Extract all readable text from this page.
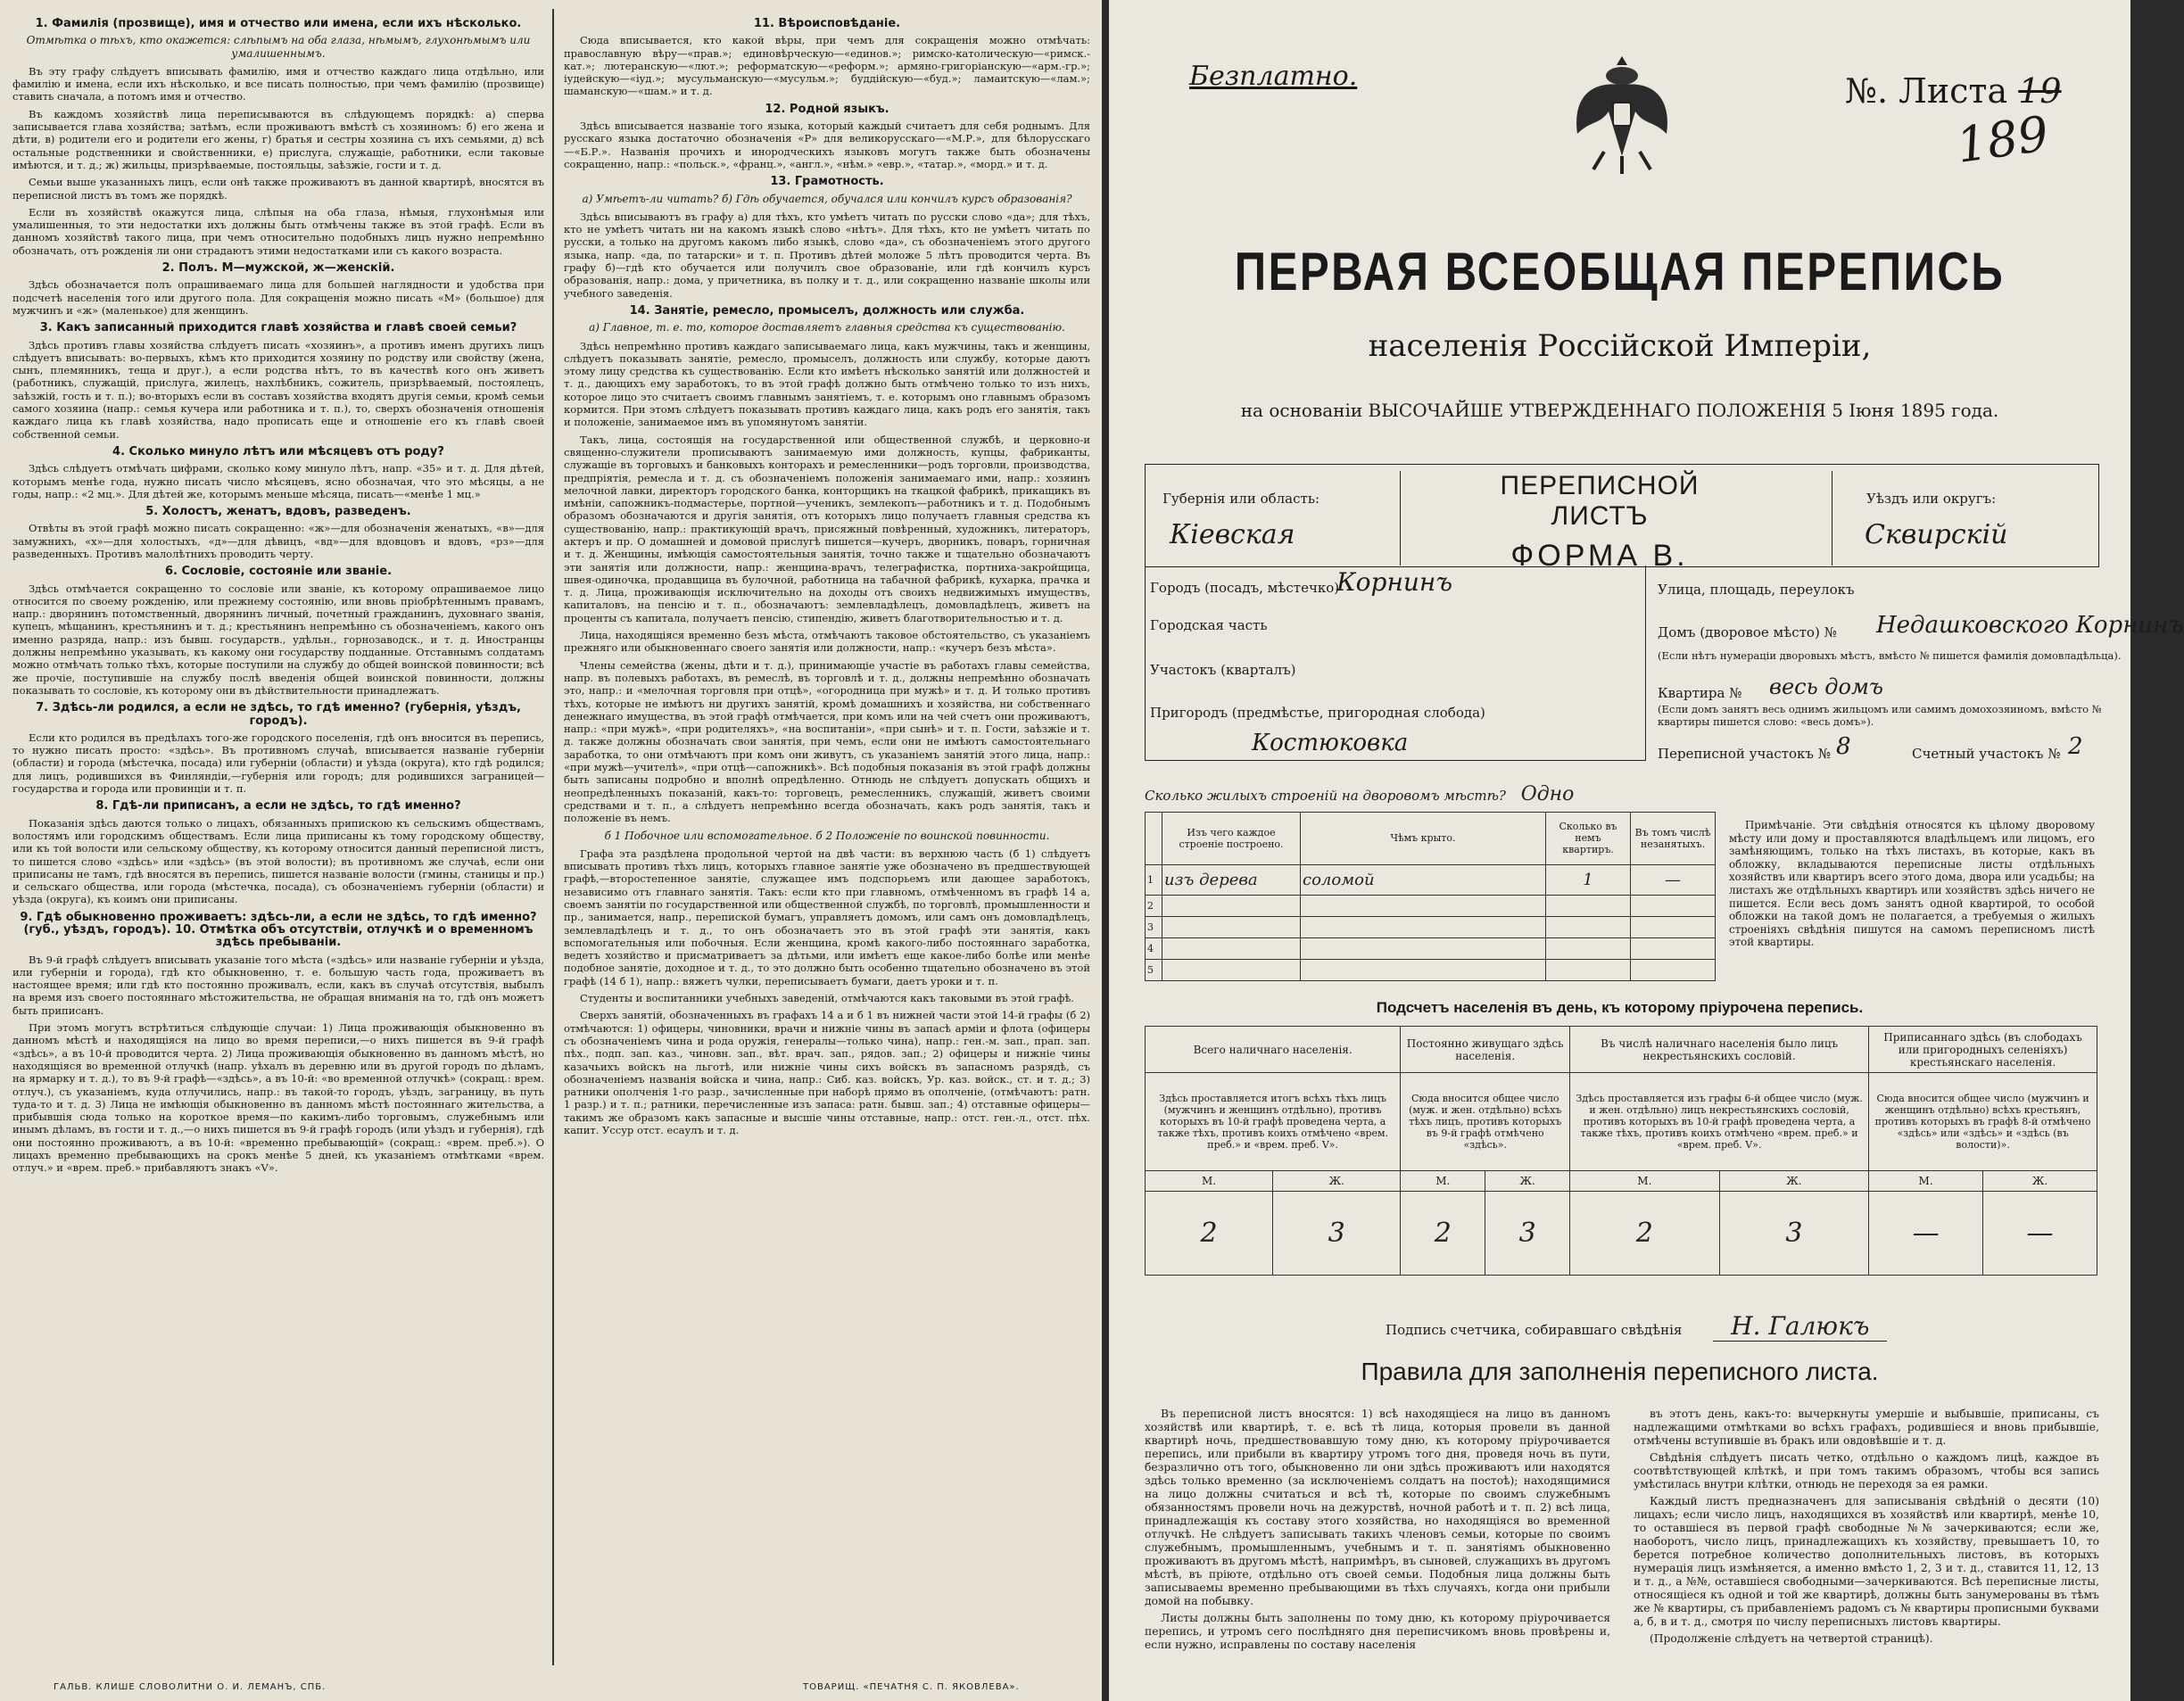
1. Фамилія (прозвище), имя и отчество или имена, если ихъ нѣсколько.
Отмѣтка о тѣхъ, кто окажется: слѣпымъ на оба глаза, нѣмымъ, глухонѣмымъ или умалишеннымъ.

Въ эту графу слѣдуетъ вписывать фамилію, имя и отчество каждаго лица отдѣльно, или фамилію и имена, если ихъ нѣсколько, и все писать полностью, при чемъ фамилію (прозвище) ставить сначала, а потомъ имя и отчество.

Въ каждомъ хозяйствѣ лица переписываются въ слѣдующемъ порядкѣ: а) сперва записывается глава хозяйства; затѣмъ, если проживаютъ вмѣстѣ съ хозяиномъ: б) его жена и дѣти, в) родители его и родители его жены, г) братья и сестры хозяина съ ихъ семьями, д) всѣ остальные родственники и свойственники, е) прислуга, служащіе, работники, если таковые имѣются, и т. д.; ж) жильцы, призрѣваемые, постояльцы, заѣзжіе, гости и т. д.

Семьи выше указанныхъ лицъ, если онѣ также проживаютъ въ данной квартирѣ, вносятся въ переписной листъ въ томъ же порядкѣ.

Если въ хозяйствѣ окажутся лица, слѣпыя на оба глаза, нѣмыя, глухонѣмыя или умалишенныя, то эти недостатки ихъ должны быть отмѣчены также въ этой графѣ. Если въ данномъ хозяйствѣ такого лица, при чемъ относительно подобныхъ лицъ нужно непремѣнно обозначать, отъ рожденія ли они страдаютъ этими недостатками или съ какого возраста.

2. Полъ. М—мужской, ж—женскій.

Здѣсь обозначается полъ опрашиваемаго лица для большей наглядности и удобства при подсчетѣ населенія того или другого пола. Для сокращенія можно писать «М» (большое) для мужчинъ и «ж» (маленькое) для женщинъ.

3. Какъ записанный приходится главѣ хозяйства и главѣ своей семьи?

Здѣсь противъ главы хозяйства слѣдуетъ писать «хозяинъ», а противъ именъ другихъ лицъ слѣдуетъ вписывать: во-первыхъ, кѣмъ кто приходится хозяину по родству или свойству (жена, сынъ, племянникъ, теща и друг.), а если родства нѣтъ, то въ качествѣ кого онъ живетъ (работникъ, служащій, прислуга, жилецъ, нахлѣбникъ, сожитель, призрѣваемый, постоялецъ, заѣзжій, гость и т. п.); во-вторыхъ если въ составъ хозяйства входятъ другія семьи, кромѣ семьи самого хозяина (напр.: семья кучера или работника и т. п.), то, сверхъ обозначенія отношенія каждаго лица къ главѣ хозяйства, надо прописать еще и отношеніе его къ главѣ своей собственной семьи.

4. Сколько минуло лѣтъ или мѣсяцевъ отъ роду?

Здѣсь слѣдуетъ отмѣчать цифрами, сколько кому минуло лѣтъ, напр. «35» и т. д. Для дѣтей, которымъ менѣе года, нужно писать число мѣсяцевъ, ясно обозначая, что это мѣсяцы, а не годы, напр.: «2 мц.». Для дѣтей же, которымъ меньше мѣсяца, писать—«менѣе 1 мц.»

5. Холостъ, женатъ, вдовъ, разведенъ.

Отвѣты въ этой графѣ можно писать сокращенно: «ж»—для обозначенія женатыхъ, «в»—для замужнихъ, «х»—для холостыхъ, «д»—для дѣвицъ, «вд»—для вдовцовъ и вдовъ, «рз»—для разведенныхъ. Противъ малолѣтнихъ проводить черту.

6. Сословіе, состояніе или званіе.

Здѣсь отмѣчается сокращенно то сословіе или званіе, къ которому опрашиваемое лицо относится по своему рожденію, или прежнему состоянію, или вновь пріобрѣтеннымъ правамъ, напр.: дворянинъ потомственный, дворянинъ личный, почетный гражданинъ, духовнаго званія, купецъ, мѣщанинъ, крестьянинъ и т. д.; крестьянинъ непремѣнно съ обозначеніемъ, какого онъ именно разряда, напр.: изъ бывш. государств., удѣльн., горнозаводск., и т. д. Иностранцы должны непремѣнно указывать, къ какому они государству подданные. Отставнымъ солдатамъ можно отмѣчать только тѣхъ, которые поступили на службу до общей воинской повинности; всѣ же прочіе, поступившіе на службу послѣ введенія общей воинской повинности, должны показывать то сословіе, къ которому они въ дѣйствительности принадлежатъ.

7. Здѣсь-ли родился, а если не здѣсь, то гдѣ именно? (губернія, уѣздъ, городъ).

Если кто родился въ предѣлахъ того-же городского поселенія, гдѣ онъ вносится въ перепись, то нужно писать просто: «здѣсь». Въ противномъ случаѣ, вписывается названіе губерніи (области) и города (мѣстечка, посада) или губерніи (области) и уѣзда (округа), кто гдѣ родился; для лицъ, родившихся въ Финляндіи,—губернія или городъ; для родившихся заграницей—государства и города или провинціи и т. п.

8. Гдѣ-ли приписанъ, а если не здѣсь, то гдѣ именно?

Показанія здѣсь даются только о лицахъ, обязанныхъ припискою къ сельскимъ обществамъ, волостямъ или городскимъ обществамъ. Если лица приписаны къ тому городскому обществу, или къ той волости или сельскому обществу, къ которому относится данный переписной листъ, то пишется слово «здѣсь» или «здѣсь» (въ этой волости); въ противномъ же случаѣ, если они приписаны не тамъ, гдѣ вносятся въ перепись, пишется названіе волости (гмины, станицы и пр.) и сельскаго общества, или города (мѣстечка, посада), съ обозначеніемъ губерніи (области) и уѣзда (округа), къ коимъ они приписаны.

9. Гдѣ обыкновенно проживаетъ: здѣсь-ли, а если не здѣсь, то гдѣ именно? (губ., уѣздъ, городъ). 10. Отмѣтка объ отсутствіи, отлучкѣ и о временномъ здѣсь пребываніи.

Въ 9-й графѣ слѣдуетъ вписывать указаніе того мѣста («здѣсь» или названіе губерніи и уѣзда, или губерніи и города), гдѣ кто обыкновенно, т. е. большую часть года, проживаетъ въ настоящее время; или гдѣ кто постоянно проживалъ, если, какъ въ случаѣ отсутствія, выбылъ на время изъ своего постояннаго мѣстожительства, не обращая вниманія на то, гдѣ онъ можетъ быть приписанъ.

При этомъ могутъ встрѣтиться слѣдующіе случаи: 1) Лица проживающія обыкновенно въ данномъ мѣстѣ и находящіяся на лицо во время переписи,—о нихъ пишется въ 9-й графѣ «здѣсь», а въ 10-й проводится черта. 2) Лица проживающія обыкновенно въ данномъ мѣстѣ, но находящіяся во временной отлучкѣ (напр. уѣхалъ въ деревню или въ другой городъ по дѣламъ, на ярмарку и т. д.), то въ 9-й графѣ—«здѣсь», а въ 10-й: «во временной отлучкѣ» (сокращ.: врем. отлуч.), съ указаніемъ, куда отлучились, напр.: въ такой-то городъ, уѣздъ, заграницу, въ путь туда-то и т. д. 3) Лица не имѣющія обыкновенно въ данномъ мѣстѣ постояннаго жительства, а прибывшія сюда только на короткое время—по какимъ-либо торговымъ, служебнымъ или инымъ дѣламъ, въ гости и т. д.,—о нихъ пишется въ 9-й графѣ городъ (или уѣздъ и губернія), гдѣ они постоянно проживаютъ, а въ 10-й: «временно пребывающій» (сокращ.: «врем. преб.»). О лицахъ временно пребывающихъ на срокъ менѣе 5 дней, къ указаніемъ отмѣтками «врем. отлуч.» и «врем. преб.» прибавляютъ знакъ «V».

11. Вѣроисповѣданіе.

Сюда вписывается, кто какой вѣры, при чемъ для сокращенія можно отмѣчать: православную вѣру—«прав.»; единовѣрческую—«единов.»; римско-католическую—«римск.-кат.»; лютеранскую—«лют.»; реформатскую—«реформ.»; армяно-григоріанскую—«арм.-гр.»; іудейскую—«іуд.»; мусульманскую—«мусульм.»; буддійскую—«буд.»; ламаитскую—«лам.»; шаманскую—«шам.» и т. д.

12. Родной языкъ.

Здѣсь вписывается названіе того языка, который каждый считаетъ для себя роднымъ. Для русскаго языка достаточно обозначенія «Р» для великорусскаго—«М.Р.», для бѣлорусскаго—«Б.Р.». Названія прочихъ и инородческихъ языковъ могутъ также быть обозначены сокращенно, напр.: «польск.», «франц.», «англ.», «нѣм.» «евр.», «татар.», «морд.» и т. д.

13. Грамотность.
а) Умѣетъ-ли читать? б) Гдѣ обучается, обучался или кончилъ курсъ образованія?

Здѣсь вписываютъ въ графу а) для тѣхъ, кто умѣетъ читать по русски слово «да»; для тѣхъ, кто не умѣетъ читать ни на какомъ языкѣ слово «нѣтъ». Для тѣхъ, кто не умѣетъ читать по русски, а только на другомъ какомъ либо языкѣ, слово «да», съ обозначеніемъ этого другого языка, напр. «да, по татарски» и т. п. Противъ дѣтей моложе 5 лѣтъ проводится черта. Въ графу б)—гдѣ кто обучается или получилъ свое образованіе, или гдѣ кончилъ курсъ образованія, напр.: дома, у причетника, въ полку и т. д., или сокращенно названіе школы или учебного заведенія.

14. Занятіе, ремесло, промыселъ, должность или служба.
а) Главное, т. е. то, которое доставляетъ главныя средства къ существованію.

Здѣсь непремѣнно противъ каждаго записываемаго лица, какъ мужчины, такъ и женщины, слѣдуетъ показывать занятіе, ремесло, промыселъ, должность или службу, которые даютъ этому лицу средства къ существованію. Если кто имѣетъ нѣсколько занятій или должностей и т. д., дающихъ ему заработокъ, то въ этой графѣ должно быть отмѣчено только то изъ нихъ, которое лицо это считаетъ своимъ главнымъ занятіемъ, т. е. которымъ оно главнымъ образомъ кормится. При этомъ слѣдуетъ показывать противъ каждаго лица, какъ родъ его занятія, такъ и положеніе, занимаемое имъ въ упомянутомъ занятіи.

Такъ, лица, состоящія на государственной или общественной службѣ, и церковно-и священно-служители прописываютъ занимаемую ими должность, купцы, фабриканты, служащіе въ торговыхъ и банковыхъ конторахъ и ремесленники—родъ торговли, производства, предпріятія, ремесла и т. д. съ обозначеніемъ положенія занимаемаго ими, напр.: хозяинъ мелочной лавки, директоръ городского банка, конторщикъ на ткацкой фабрикѣ, прикащикъ въ имѣніи, сапожникъ-подмастерье, портной—ученикъ, землекопъ—работникъ и т. д. Подобнымъ образомъ обозначаются и другія занятія, отъ которыхъ лицо получаетъ главныя средства къ существованію, напр.: практикующій врачъ, присяжный повѣренный, художникъ, литераторъ, актеръ и пр. О домашней и домовой прислугѣ пишется—кучеръ, дворникъ, поваръ, горничная и т. д. Женщины, имѣющія самостоятельныя занятія, точно также и тщательно обозначаютъ эти занятія или должности, напр.: женщина-врачъ, телеграфистка, портниха-закройщица, швея-одиночка, продавщица въ булочной, работница на табачной фабрикѣ, кухарка, прачка и т. д. Лица, проживающія исключительно на доходы отъ своихъ недвижимыхъ имуществъ, капиталовъ, на пенсію и т. п., обозначаютъ: землевладѣлецъ, домовладѣлецъ, живетъ на проценты съ капитала, получаетъ пенсію, стипендію, живетъ благотворительностью и т. д.

Лица, находящіяся временно безъ мѣста, отмѣчаютъ таковое обстоятельство, съ указаніемъ прежняго или обыкновеннаго своего занятія или должности, напр.: «кучеръ безъ мѣста».

Члены семейства (жены, дѣти и т. д.), принимающіе участіе въ работахъ главы семейства, напр. въ полевыхъ работахъ, въ ремеслѣ, въ торговлѣ и т. д., должны непремѣнно обозначать это, напр.: и «мелочная торговля при отцѣ», «огородница при мужѣ» и т. д. И только противъ тѣхъ, которые не имѣютъ ни другихъ занятій, кромѣ домашнихъ и хозяйства, ни собственнаго денежнаго имущества, въ этой графѣ отмѣчается, при комъ или на чей счетъ они проживаютъ, напр.: «при мужѣ», «при родителяхъ», «на воспитаніи», «при сынѣ» и т. п. Гости, заѣзжіе и т. д. также должны обозначать свои занятія, при чемъ, если они не имѣютъ самостоятельнаго заработка, то они отмѣчаютъ при комъ они живутъ, съ указаніемъ занятій этого лица, напр.: «при мужѣ—учителѣ», «при отцѣ—сапожникѣ». Всѣ подобныя показанія въ этой графѣ должны быть записаны подробно и вполнѣ опредѣленно. Отнюдь не слѣдуетъ допускать общихъ и неопредѣленныхъ показаній, какъ-то: торговецъ, ремесленникъ, служащій, живетъ своими средствами и т. п., а слѣдуетъ непремѣнно всегда обозначать, какъ родъ занятія, такъ и положеніе въ немъ.

б 1 Побочное или вспомогательное. б 2 Положеніе по воинской повинности.

Графа эта раздѣлена продольной чертой на двѣ части: въ верхнюю часть (б 1) слѣдуетъ вписывать противъ тѣхъ лицъ, которыхъ главное занятіе уже обозначено въ предшествующей графѣ,—второстепенное занятіе, служащее имъ подспорьемъ или дающее заработокъ, независимо отъ главнаго занятія. Такъ: если кто при главномъ, отмѣченномъ въ графѣ 14 а, своемъ занятіи по государственной или общественной службѣ, по торговлѣ, промышленности и пр., занимается, напр., перепиской бумагъ, управляетъ домомъ, или самъ онъ домовладѣлецъ, землевладѣлецъ и т. д., то онъ обозначаетъ это въ этой графѣ эти занятія, какъ вспомогательныя или побочныя. Если женщина, кромѣ какого-либо постояннаго заработка, ведетъ хозяйство и присматриваетъ за дѣтьми, или имѣетъ еще какое-либо болѣе или менѣе подобное занятіе, доходное и т. д., то это должно быть особенно тщательно обозначено въ этой графѣ (14 б 1), напр.: вяжетъ чулки, переписываетъ бумаги, даетъ уроки и т. п.

Студенты и воспитанники учебныхъ заведеній, отмѣчаются какъ таковыми въ этой графѣ.

Сверхъ занятій, обозначенныхъ въ графахъ 14 а и б 1 въ нижней части этой 14-й графы (б 2) отмѣчаются: 1) офицеры, чиновники, врачи и нижніе чины въ запасѣ арміи и флота (офицеры съ обозначеніемъ чина и рода оружія, генералы—только чина), напр.: ген.-м. зап., прап. зап. пѣх., подп. зап. каз., чиновн. зап., вѣт. врач. зап., рядов. зап.; 2) офицеры и нижніе чины казачьихъ войскъ на льготѣ, или нижніе чины сихъ войскъ въ запасномъ разрядѣ, съ обозначеніемъ названія войска и чина, напр.: Сиб. каз. войскъ, Ур. каз. войск., ст. и т. д.; 3) ратники ополченія 1-го разр., зачисленные при наборѣ прямо въ ополченіе, (отмѣчаютъ: ратн. 1 разр.) и т. п.; ратники, перечисленные изъ запаса: ратн. бывш. зап.; 4) отставные офицеры—такимъ же образомъ какъ запасные и высшіе чины отставные, напр.: отст. ген.-л., отст. пѣх. капит. Уссур отст. есаулъ и т. д.

ГАЛЬВ. КЛИШЕ СЛОВОЛИТНИ О. И. ЛЕМАНЪ, СПБ.	ТОВАРИЩ. «ПЕЧАТНЯ С. П. ЯКОВЛЕВА».
Безплатно.	№. Листа 19
189
ПЕРВАЯ ВСЕОБЩАЯ ПЕРЕПИСЬ
населенія Россійской Имперіи,
на основаніи ВЫСОЧАЙШЕ УТВЕРЖДЕННАГО ПОЛОЖЕНІЯ 5 Іюня 1895 года.
Губернія или область:
Кіевская
ПЕРЕПИСНОЙ ЛИСТЪ
ФОРМА В.
Уѣздъ или округъ:
Сквирскій
Городъ (посадъ, мѣстечко)
Корнинъ
Городская часть
Участокъ (кварталъ)
Пригородъ (предмѣстье, пригородная слобода)
Костюковка
Улица, площадь, переулокъ
Домъ (дворовое мѣсто) № Недашковского Корнинъ
(Если нѣтъ нумераціи дворовыхъ мѣстъ, вмѣсто № пишется фамилія домовладѣльца).
Квартира № весь домъ
(Если домъ занятъ весь однимъ жильцомъ или самимъ домохозяиномъ, вмѣсто № квартиры пишется слово: «весь домъ»).
Переписной участокъ № 8	Счетный участокъ № 2
Сколько жилыхъ строеній на дворовомъ мѣстѣ? Одно
	Изъ чего каждое строеніе построено.	Чѣмъ крыто.	Сколько въ немъ квартиръ.	Въ томъ числѣ незанятыхъ.
1	изъ дерева	соломой	1	—
2				
3				
4				
5				
Примѣчаніе. Эти свѣдѣнія относятся къ цѣлому дворовому мѣсту или дому и проставляются владѣльцемъ или лицомъ, его замѣняющимъ, только на тѣхъ листахъ, въ которые, какъ въ обложку, вкладываются переписные листы отдѣльныхъ хозяйствъ или квартиръ всего этого дома, двора или усадьбы; на листахъ же отдѣльныхъ квартиръ или хозяйствъ здѣсь ничего не пишется. Если весь домъ занятъ одной квартирой, то особой обложки на такой домъ не полагается, а требуемыя о жилыхъ строеніяхъ свѣдѣнія пишутся на самомъ переписномъ листѣ этой квартиры.
Подсчетъ населенія въ день, къ которому пріурочена перепись.
Всего наличнаго населенія.		Постоянно живущаго здѣсь населенія.		Въ числѣ наличнаго населенія было лицъ некрестьянскихъ сословій.		Приписаннаго здѣсь (въ слободахъ или пригородныхъ селеніяхъ) крестьянскаго населенія.	
Здѣсь проставляется итогъ всѣхъ тѣхъ лицъ (мужчинъ и женщинъ отдѣльно), противъ которыхъ въ 10-й графѣ проведена черта, а также тѣхъ, противъ коихъ отмѣчено «врем. преб.» и «врем. преб. V».		Сюда вносится общее число (муж. и жен. отдѣльно) всѣхъ тѣхъ лицъ, противъ которыхъ въ 9-й графѣ отмѣчено «здѣсь».		Здѣсь проставляется изъ графы 6-й общее число (муж. и жен. отдѣльно) лицъ некрестьянскихъ сословій, противъ которыхъ въ 10-й графѣ проведена черта, а также тѣхъ, противъ коихъ отмѣчено «врем. преб.» и «врем. преб. V».		Сюда вносится общее число (мужчинъ и женщинъ отдѣльно) всѣхъ крестьянъ, противъ которыхъ въ графѣ 8-й отмѣчено «здѣсь» или «здѣсь» и «здѣсь (въ волости)».	
М.	Ж.	М.	Ж.	М.	Ж.	М.	Ж.
2	3	2	3	2	3	—	—
Подпись счетчика, собиравшаго свѣдѣнія Н. Галюкъ
Правила для заполненія переписного листа.

Въ переписной листъ вносятся: 1) всѣ находящіеся на лицо въ данномъ хозяйствѣ или квартирѣ, т. е. всѣ тѣ лица, которыя провели въ данной квартирѣ ночь, предшествовавшую тому дню, къ которому пріурочивается перепись, или прибыли въ квартиру утромъ того дня, проведя ночь въ пути, безразлично отъ того, обыкновенно ли они здѣсь проживаютъ или находятся здѣсь только временно (за исключеніемъ солдатъ на постоѣ); находящимися на лицо должны считаться и всѣ тѣ, которые по своимъ служебнымъ обязанностямъ провели ночь на дежурствѣ, ночной работѣ и т. п. 2) всѣ лица, принадлежащія къ составу этого хозяйства, но находящіяся во временной отлучкѣ. Не слѣдуетъ записывать такихъ членовъ семьи, которые по своимъ служебнымъ, промышленнымъ, учебнымъ и т. п. занятіямъ обыкновенно проживаютъ въ другомъ мѣстѣ, напримѣръ, въ сыновей, служащихъ въ другомъ мѣстѣ, въ пріюте, отдѣльно отъ своей семьи. Подобныя лица должны быть записываемы временно пребывающими въ тѣхъ случаяхъ, когда они прибыли домой на побывку.

Листы должны быть заполнены по тому дню, къ которому пріурочивается перепись, и утромъ сего послѣдняго дня переписчикомъ вновь провѣрены и, если нужно, исправлены по составу населенія

въ этотъ день, какъ-то: вычеркнуты умершіе и выбывшіе, приписаны, съ надлежащими отмѣтками во всѣхъ графахъ, родившіеся и вновь прибывшіе, отмѣчены вступившіе въ бракъ или овдовѣвшіе и т. д.

Свѣдѣнія слѣдуетъ писать четко, отдѣльно о каждомъ лицѣ, каждое въ соотвѣтствующей клѣткѣ, и при томъ такимъ образомъ, чтобы вся запись умѣстилась внутри клѣтки, отнюдь не переходя за ея рамки.

Каждый листъ предназначенъ для записыванія свѣдѣній о десяти (10) лицахъ; если число лицъ, находящихся въ хозяйствѣ или квартирѣ, менѣе 10, то оставшіеся въ первой графѣ свободные №№ зачеркиваются; если же, наоборотъ, число лицъ, принадлежащихъ къ хозяйству, превышаетъ 10, то берется потребное количество дополнительныхъ листовъ, въ которыхъ нумерація лицъ измѣняется, а именно вмѣсто 1, 2, 3 и т. д., ставится 11, 12, 13 и т. д., а №№, оставшіеся свободными—зачеркиваются. Всѣ переписные листы, относящіеся къ одной и той же квартирѣ, должны быть занумерованы въ тѣмъ же № квартиры, съ прибавленіемъ радомъ съ № квартиры прописными буквами а, б, в и т. д., смотря по числу переписныхъ листовъ квартиры.

(Продолженіе слѣдуетъ на четвертой страницѣ).
